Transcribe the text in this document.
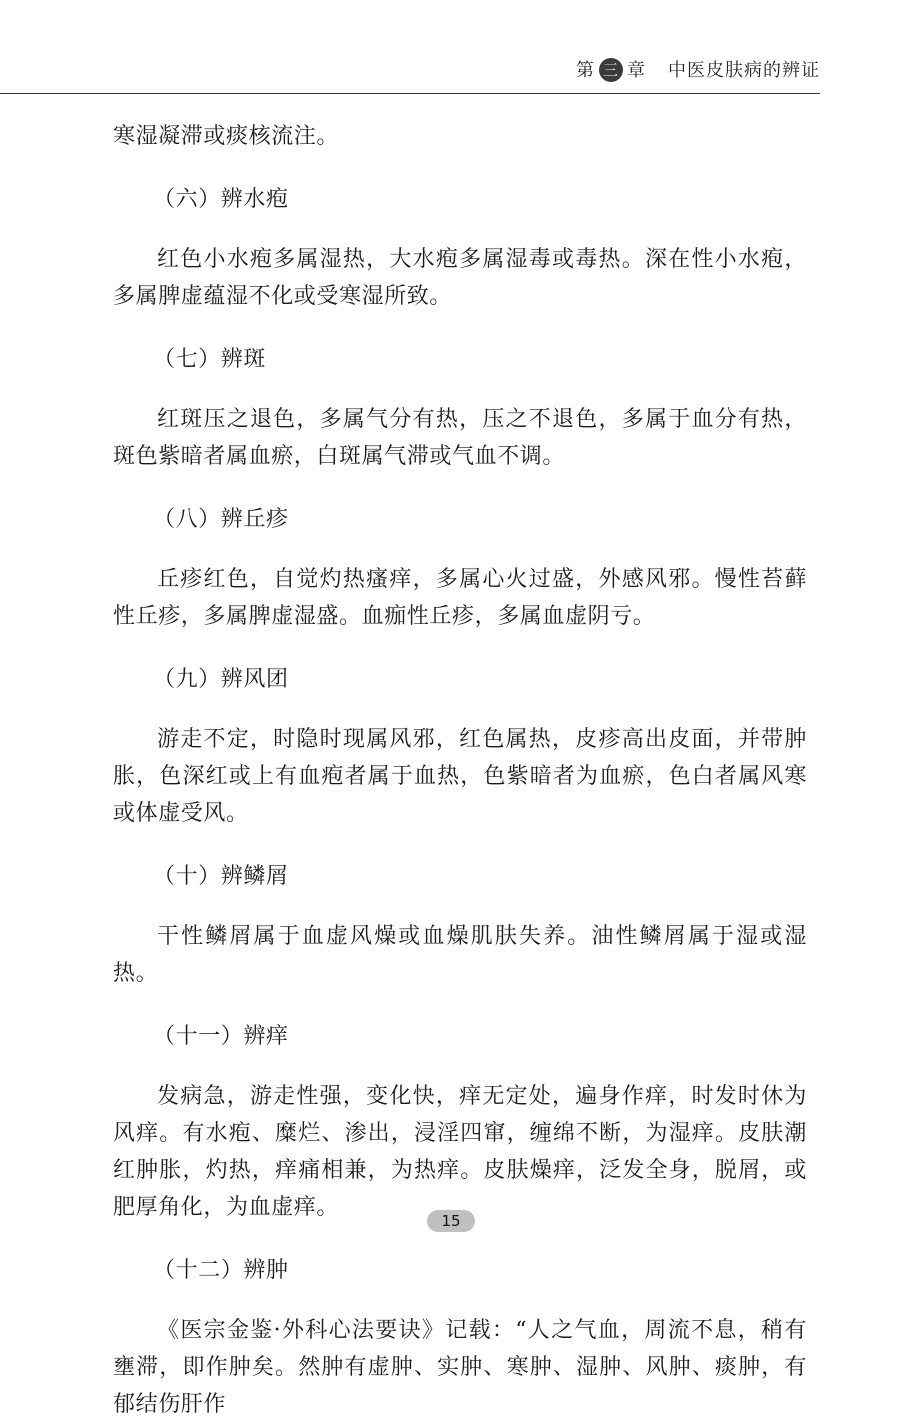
第 三 章 中医皮肤病的辨证

寒湿凝滞或痰核流注。

（六）辨水疱

红色小水疱多属湿热，大水疱多属湿毒或毒热。深在性小水疱，多属脾虚蕴湿不化或受寒湿所致。

（七）辨斑

红斑压之退色，多属气分有热，压之不退色，多属于血分有热，斑色紫暗者属血瘀，白斑属气滞或气血不调。

（八）辨丘疹

丘疹红色，自觉灼热瘙痒，多属心火过盛，外感风邪。慢性苔藓性丘疹，多属脾虚湿盛。血痂性丘疹，多属血虚阴亏。

（九）辨风团

游走不定，时隐时现属风邪，红色属热，皮疹高出皮面，并带肿胀，色深红或上有血疱者属于血热，色紫暗者为血瘀，色白者属风寒或体虚受风。

（十）辨鳞屑

干性鳞屑属于血虚风燥或血燥肌肤失养。油性鳞屑属于湿或湿热。

（十一）辨痒

发病急，游走性强，变化快，痒无定处，遍身作痒，时发时休为风痒。有水疱、糜烂、渗出，浸淫四窜，缠绵不断，为湿痒。皮肤潮红肿胀，灼热，痒痛相兼，为热痒。皮肤燥痒，泛发全身，脱屑，或肥厚角化，为血虚痒。

（十二）辨肿

《医宗金鉴·外科心法要诀》记载：“人之气血，周流不息，稍有壅滞，即作肿矣。然肿有虚肿、实肿、寒肿、湿肿、风肿、痰肿，有郁结伤肝作

15
